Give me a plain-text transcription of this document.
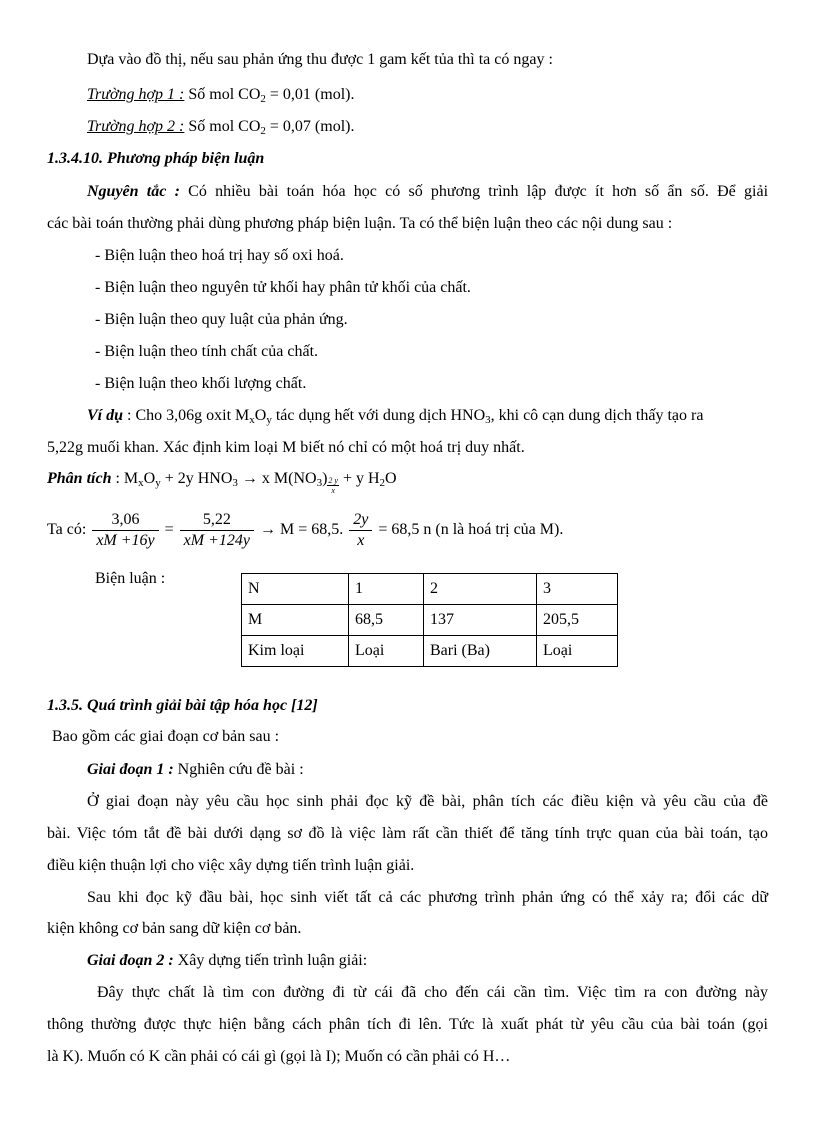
Dựa vào đồ thị, nếu sau phản ứng thu được 1 gam kết tủa thì ta có ngay :
Trường hợp 1 : Số mol $CO_2 = 0,01$ (mol).
Trường hợp 2 : Số mol $CO_2 = 0,07$ (mol).
1.3.4.10. Phương pháp biện luận
Nguyên tắc : Có nhiều bài toán hóa học có số phương trình lập được ít hơn số ẩn số. Để giải
các bài toán thường phải dùng phương pháp biện luận. Ta có thể biện luận theo các nội dung sau :
- Biện luận theo hoá trị hay số oxi hoá.
- Biện luận theo nguyên tử khối hay phân tử khối của chất.
- Biện luận theo quy luật của phản ứng.
- Biện luận theo tính chất của chất.
- Biện luận theo khối lượng chất.
Ví dụ : Cho 3,06g oxit $M_xO_y$ tác dụng hết với dung dịch $HNO_3$, khi cô cạn dung dịch thấy tạo ra
5,22g muối khan. Xác định kim loại M biết nó chỉ có một hoá trị duy nhất.
Phân tích : $M_xO_y + 2y$ $HNO_3 \to x$ $M(NO_3) \frac{2 y}{x} + y$ $H_2O$
Ta có: $\frac{3,06}{xM +16y} = \frac{5,22}{xM +124y} \to M = 68,5$. $\frac{2y}{x} = 68,5$ n (n là hoá trị của M).
Biện luận :
N	1	2	3
M	68,5	137	205,5
Kim loại	Loại	Bari (Ba)	Loại
1.3.5. Quá trình giải bài tập hóa học [12]
Bao gồm các giai đoạn cơ bản sau :
Giai đoạn 1 : Nghiên cứu đề bài :
Ở giai đoạn này yêu cầu học sinh phải đọc kỹ đề bài, phân tích các điều kiện và yêu cầu của đề
bài. Việc tóm tắt đề bài dưới dạng sơ đồ là việc làm rất cần thiết để tăng tính trực quan của bài toán, tạo
điều kiện thuận lợi cho việc xây dựng tiến trình luận giải.
Sau khi đọc kỹ đầu bài, học sinh viết tất cả các phương trình phản ứng có thể xảy ra; đổi các dữ
kiện không cơ bản sang dữ kiện cơ bản.
Giai đoạn 2 : Xây dựng tiến trình luận giải:
Đây thực chất là tìm con đường đi từ cái đã cho đến cái cần tìm. Việc tìm ra con đường này
thông thường được thực hiện bằng cách phân tích đi lên. Tức là xuất phát từ yêu cầu của bài toán (gọi
là K). Muốn có K cần phải có cái gì (gọi là I); Muốn có cần phải có H…
